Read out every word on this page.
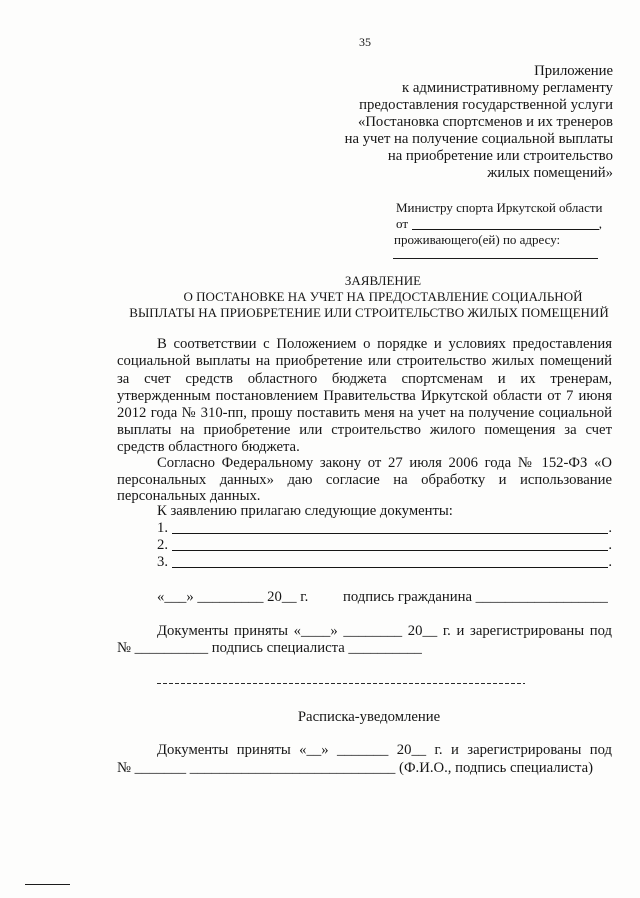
35
Приложение
к административному регламенту
предоставления государственной услуги
«Постановка спортсменов и их тренеров
на учет на получение социальной выплаты
на приобретение или строительство
жилых помещений»
Министру спорта Иркутской области
от	,
проживающего(ей) по адресу:
ЗАЯВЛЕНИЕ
О ПОСТАНОВКЕ НА УЧЕТ НА ПРЕДОСТАВЛЕНИЕ СОЦИАЛЬНОЙ
ВЫПЛАТЫ НА ПРИОБРЕТЕНИЕ ИЛИ СТРОИТЕЛЬСТВО ЖИЛЫХ ПОМЕЩЕНИЙ
В соответствии с Положением о порядке и условиях предоставления
социальной выплаты на приобретение или строительство жилых помещений
за счет средств областного бюджета спортсменам и их тренерам,
утвержденным постановлением Правительства Иркутской области от 7 июня
2012 года № 310-пп, прошу поставить меня на учет на получение социальной
выплаты на приобретение или строительство жилого помещения за счет
средств областного бюджета.
Согласно Федеральному закону от 27 июля 2006 года № 152-ФЗ «О
персональных данных» даю согласие на обработку и использование
персональных данных.
К заявлению прилагаю следующие документы:
1.	.
2.	.
3.	.
«___» _________ 20__ г. подпись гражданина __________________
Документы приняты «____» ________ 20__ г. и зарегистрированы под
№ __________ подпись специалиста __________
Расписка-уведомление
Документы приняты «__» _______ 20__ г. и зарегистрированы под
№ _______ ____________________________ (Ф.И.О., подпись специалиста)
